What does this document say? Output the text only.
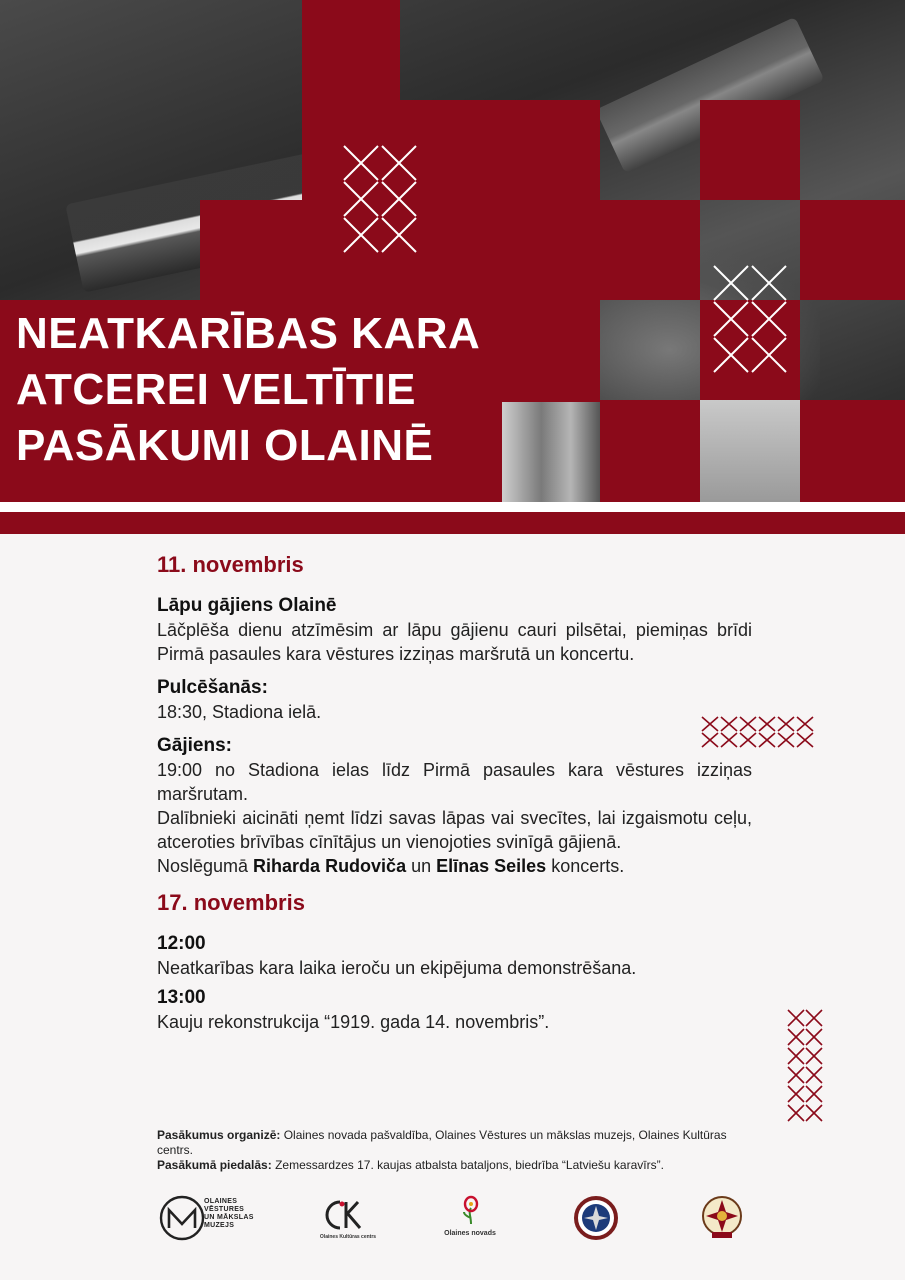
NEATKARĪBAS KARA
ATCEREI VELTĪTIE
PASĀKUMI OLAINĒ

11. novembris

Lāpu gājiens Olainē

Lāčplēša dienu atzīmēsim ar lāpu gājienu cauri pilsētai, piemiņas brīdi Pirmā pasaules kara vēstures izziņas maršrutā un koncertu.

Pulcēšanās:

18:30, Stadiona ielā.

Gājiens:

19:00 no Stadiona ielas līdz Pirmā pasaules kara vēstures izziņas maršrutam.

Dalībnieki aicināti ņemt līdzi savas lāpas vai svecītes, lai izgaismotu ceļu, atceroties brīvības cīnītājus un vienojoties svinīgā gājienā.

Noslēgumā Riharda Rudoviča un Elīnas Seiles koncerts.

17. novembris

12:00

Neatkarības kara laika ieroču un ekipējuma demonstrēšana.

13:00

Kauju rekonstrukcija “1919. gada 14. novembris”.

Pasākumus organizē: Olaines novada pašvaldība, Olaines Vēstures un mākslas muzejs, Olaines Kultūras centrs.
Pasākumā piedalās: Zemessardzes 17. kaujas atbalsta bataljons, biedrība “Latviešu karavīrs”.
OLAINES
VĒSTURES
UN MĀKSLAS
MUZEJS
Olaines Kultūras centrs	Olaines novads
